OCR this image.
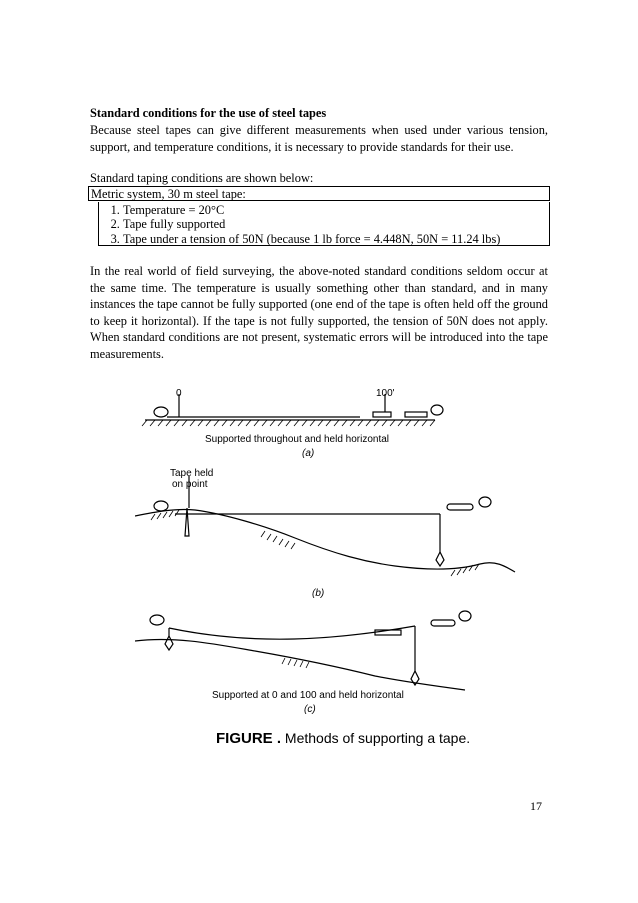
Standard conditions for the use of steel tapes
Because steel tapes can give different measurements when used under various tension, support, and temperature conditions, it is necessary to provide standards for their use.
Standard taping conditions are shown below:
Metric system, 30 m steel tape:
1. Temperature = 20°C
2. Tape fully supported
3. Tape under a tension of 50N (because 1 lb force = 4.448N, 50N = 11.24 lbs)
In the real world of field surveying, the above-noted standard conditions seldom occur at the same time. The temperature is usually something other than standard, and in many instances the tape cannot be fully supported (one end of the tape is often held off the ground to keep it horizontal). If the tape is not fully supported, the tension of 50N does not apply. When standard conditions are not present, systematic errors will be introduced into the tape measurements.
0	100'
Supported throughout and held horizontal
(a)
Tape held
on point
(b)
Supported at 0 and 100 and held horizontal
(c)
FIGURE . Methods of supporting a tape.
17
